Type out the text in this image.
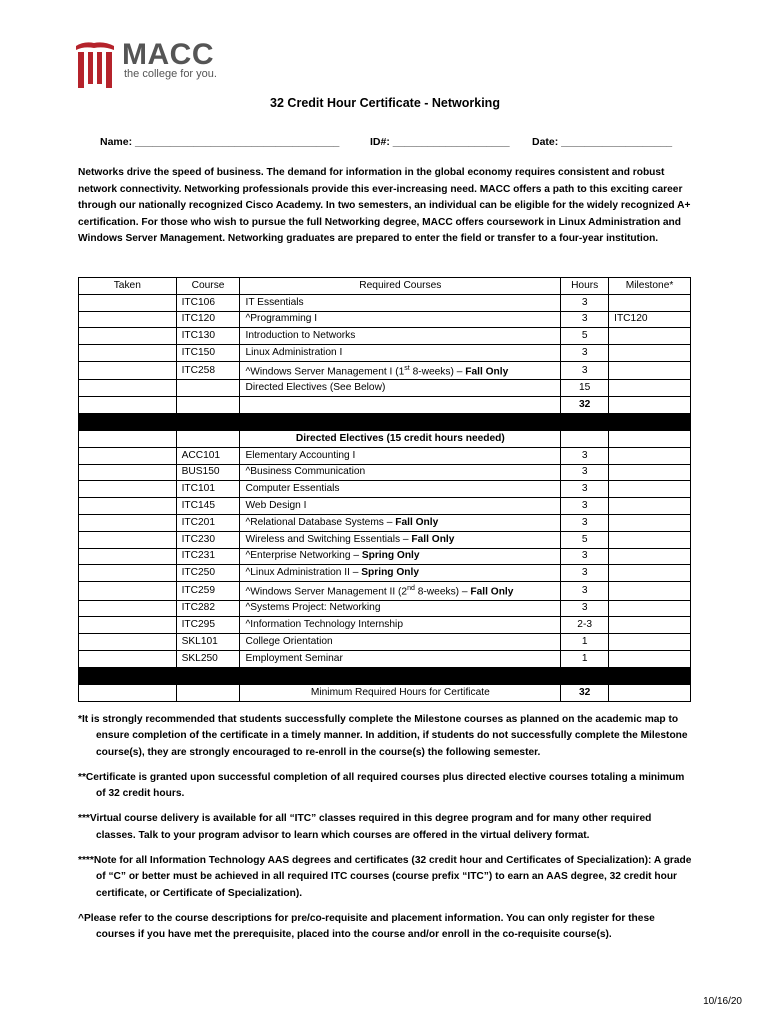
MACC
the college for you.
32 Credit Hour Certificate - Networking
Name: ___________________________________	ID#: ____________________ Date: ___________________
Networks drive the speed of business. The demand for information in the global economy requires consistent and robust network connectivity. Networking professionals provide this ever-increasing need. MACC offers a path to this exciting career through our nationally recognized Cisco Academy. In two semesters, an individual can be eligible for the widely recognized A+ certification. For those who wish to pursue the full Networking degree, MACC offers coursework in Linux Administration and Windows Server Management. Networking graduates are prepared to enter the field or transfer to a four-year institution.
Taken	Course	Required Courses	Hours	Milestone*
	ITC106	IT Essentials	3	
	ITC120	^Programming I	3	ITC120
	ITC130	Introduction to Networks	5	
	ITC150	Linux Administration I	3	
	ITC258	^Windows Server Management I (1st 8-weeks) – Fall Only	3	
		Directed Electives (See Below)	15	
			32	

		Directed Electives (15 credit hours needed)		
	ACC101	Elementary Accounting I	3	
	BUS150	^Business Communication	3	
	ITC101	Computer Essentials	3	
	ITC145	Web Design I	3	
	ITC201	^Relational Database Systems – Fall Only	3	
	ITC230	Wireless and Switching Essentials – Fall Only	5	
	ITC231	^Enterprise Networking – Spring Only	3	
	ITC250	^Linux Administration II – Spring Only	3	
	ITC259	^Windows Server Management II (2nd 8-weeks) – Fall Only	3	
	ITC282	^Systems Project: Networking	3	
	ITC295	^Information Technology Internship	2-3	
	SKL101	College Orientation	1	
	SKL250	Employment Seminar	1	

		Minimum Required Hours for Certificate	32	
*It is strongly recommended that students successfully complete the Milestone courses as planned on the academic map to ensure completion of the certificate in a timely manner. In addition, if students do not successfully complete the Milestone course(s), they are strongly encouraged to re-enroll in the course(s) the following semester.
**Certificate is granted upon successful completion of all required courses plus directed elective courses totaling a minimum of 32 credit hours.
***Virtual course delivery is available for all “ITC” classes required in this degree program and for many other required classes. Talk to your program advisor to learn which courses are offered in the virtual delivery format.
****Note for all Information Technology AAS degrees and certificates (32 credit hour and Certificates of Specialization): A grade of “C” or better must be achieved in all required ITC courses (course prefix “ITC”) to earn an AAS degree, 32 credit hour certificate, or Certificate of Specialization).
^Please refer to the course descriptions for pre/co-requisite and placement information. You can only register for these courses if you have met the prerequisite, placed into the course and/or enroll in the co-requisite course(s).
10/16/20
